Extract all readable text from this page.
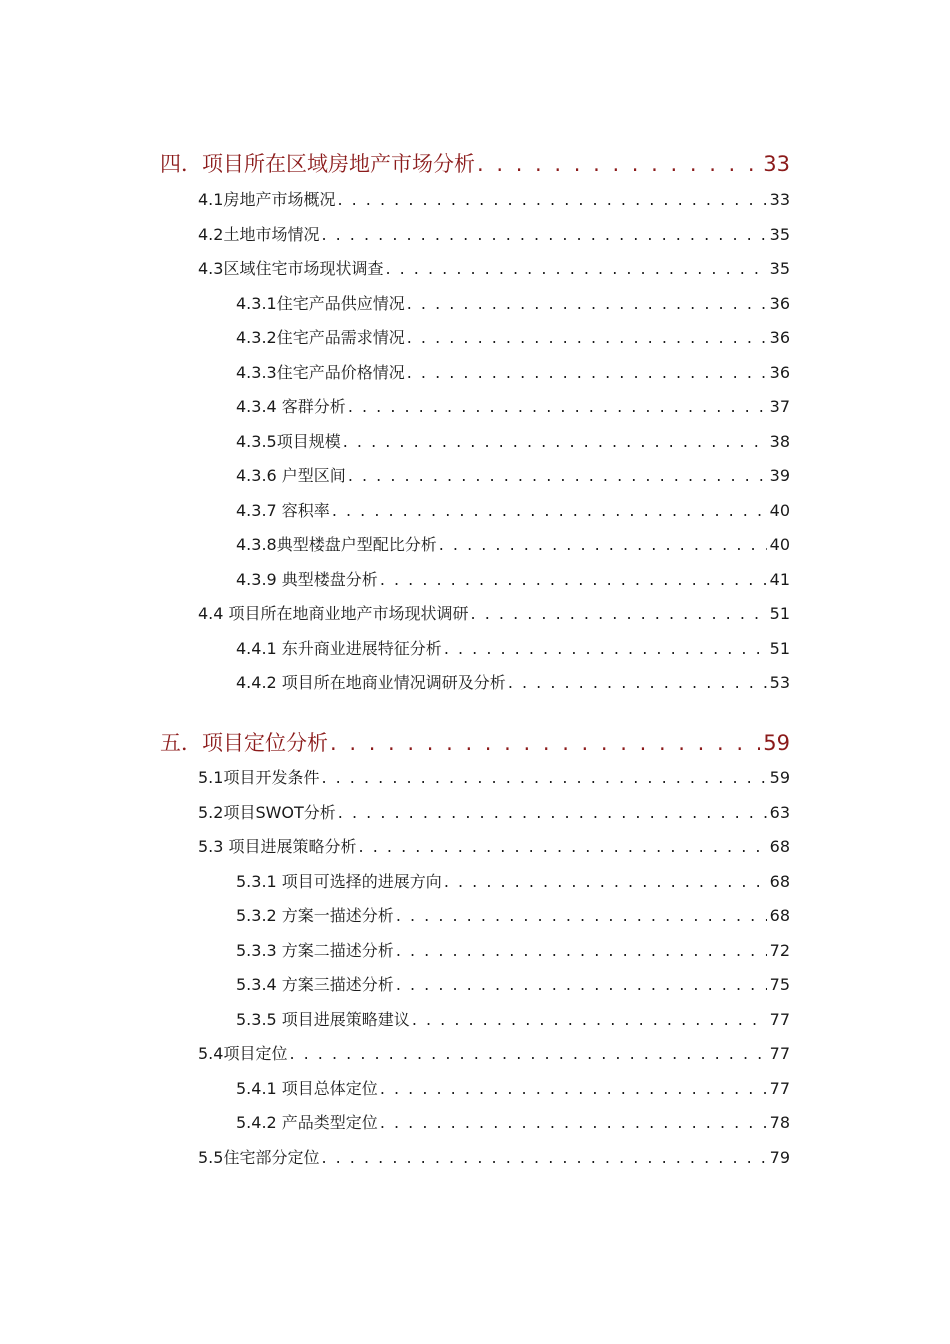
四．项目所在区域房地产市场分析 . . .	33
4.1房地产市场概况 . . .	33
4.2土地市场情况 . . .	35
4.3区域住宅市场现状调查 . . .	35
4.3.1住宅产品供应情况 . . .	36
4.3.2住宅产品需求情况 . . .	36
4.3.3住宅产品价格情况 . . .	36
4.3.4 客群分析 . . .	37
4.3.5项目规模 . . .	38
4.3.6 户型区间 . . .	39
4.3.7 容积率 . . .	40
4.3.8典型楼盘户型配比分析 . . .	40
4.3.9 典型楼盘分析 . . .	41
4.4 项目所在地商业地产市场现状调研 . . .	51
4.4.1 东升商业进展特征分析 . . .	51
4.4.2 项目所在地商业情况调研及分析 . . .	53
五．项目定位分析 . . .	59
5.1项目开发条件 . . .	59
5.2项目SWOT分析 . . .	63
5.3 项目进展策略分析 . . .	68
5.3.1 项目可选择的进展方向 . . .	68
5.3.2 方案一描述分析 . . .	68
5.3.3 方案二描述分析 . . .	72
5.3.4 方案三描述分析 . . .	75
5.3.5 项目进展策略建议 . . .	77
5.4项目定位 . . .	77
5.4.1 项目总体定位 . . .	77
5.4.2 产品类型定位 . . .	78
5.5住宅部分定位 . . .	79
